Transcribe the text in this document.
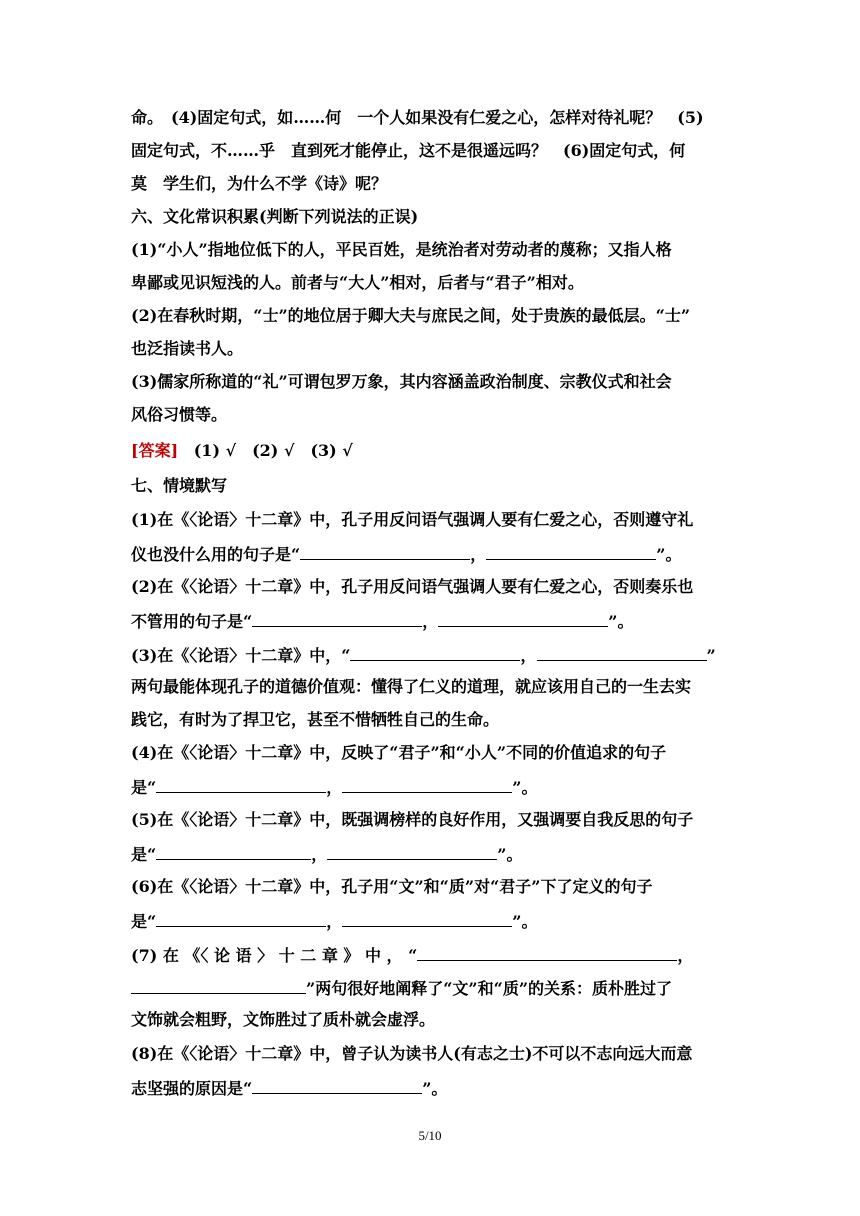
命。　(4)固定句式，如……何　一个人如果没有仁爱之心，怎样对待礼呢？　(5)
固定句式，不……乎　直到死才能停止，这不是很遥远吗？　(6)固定句式，何
莫　学生们，为什么不学《诗》呢？
六、文化常识积累(判断下列说法的正误)
(1)“小人”指地位低下的人，平民百姓，是统治者对劳动者的蔑称；又指人格
卑鄙或见识短浅的人。前者与“大人”相对，后者与“君子”相对。
(2)在春秋时期，“士”的地位居于卿大夫与庶民之间，处于贵族的最低层。“士”
也泛指读书人。
(3)儒家所称道的“礼”可谓包罗万象，其内容涵盖政治制度、宗教仪式和社会
风俗习惯等。
[答案] (1) √　(2) √　(3) √
七、情境默写
(1)在《〈论语〉十二章》中，孔子用反问语气强调人要有仁爱之心，否则遵守礼
仪也没什么用的句子是“	，	”。
(2)在《〈论语〉十二章》中，孔子用反问语气强调人要有仁爱之心，否则奏乐也
不管用的句子是“	，	”。
(3)在《〈论语〉十二章》中，“	，	”
两句最能体现孔子的道德价值观：懂得了仁义的道理，就应该用自己的一生去实
践它，有时为了捍卫它，甚至不惜牺牲自己的生命。
(4)在《〈论语〉十二章》中，反映了“君子”和“小人”不同的价值追求的句子
是“	，	”。
(5)在《〈论语〉十二章》中，既强调榜样的良好作用，又强调要自我反思的句子
是“	，	”。
(6)在《〈论语〉十二章》中，孔子用“文”和“质”对“君子”下了定义的句子
是“	，	”。
(7) 在 《〈 论 语 〉 十 二 章 》 中 ， “	，
”两句很好地阐释了“文”和“质”的关系：质朴胜过了
文饰就会粗野，文饰胜过了质朴就会虚浮。
(8)在《〈论语〉十二章》中，曾子认为读书人(有志之士)不可以不志向远大而意
志坚强的原因是“	”。
5/10
